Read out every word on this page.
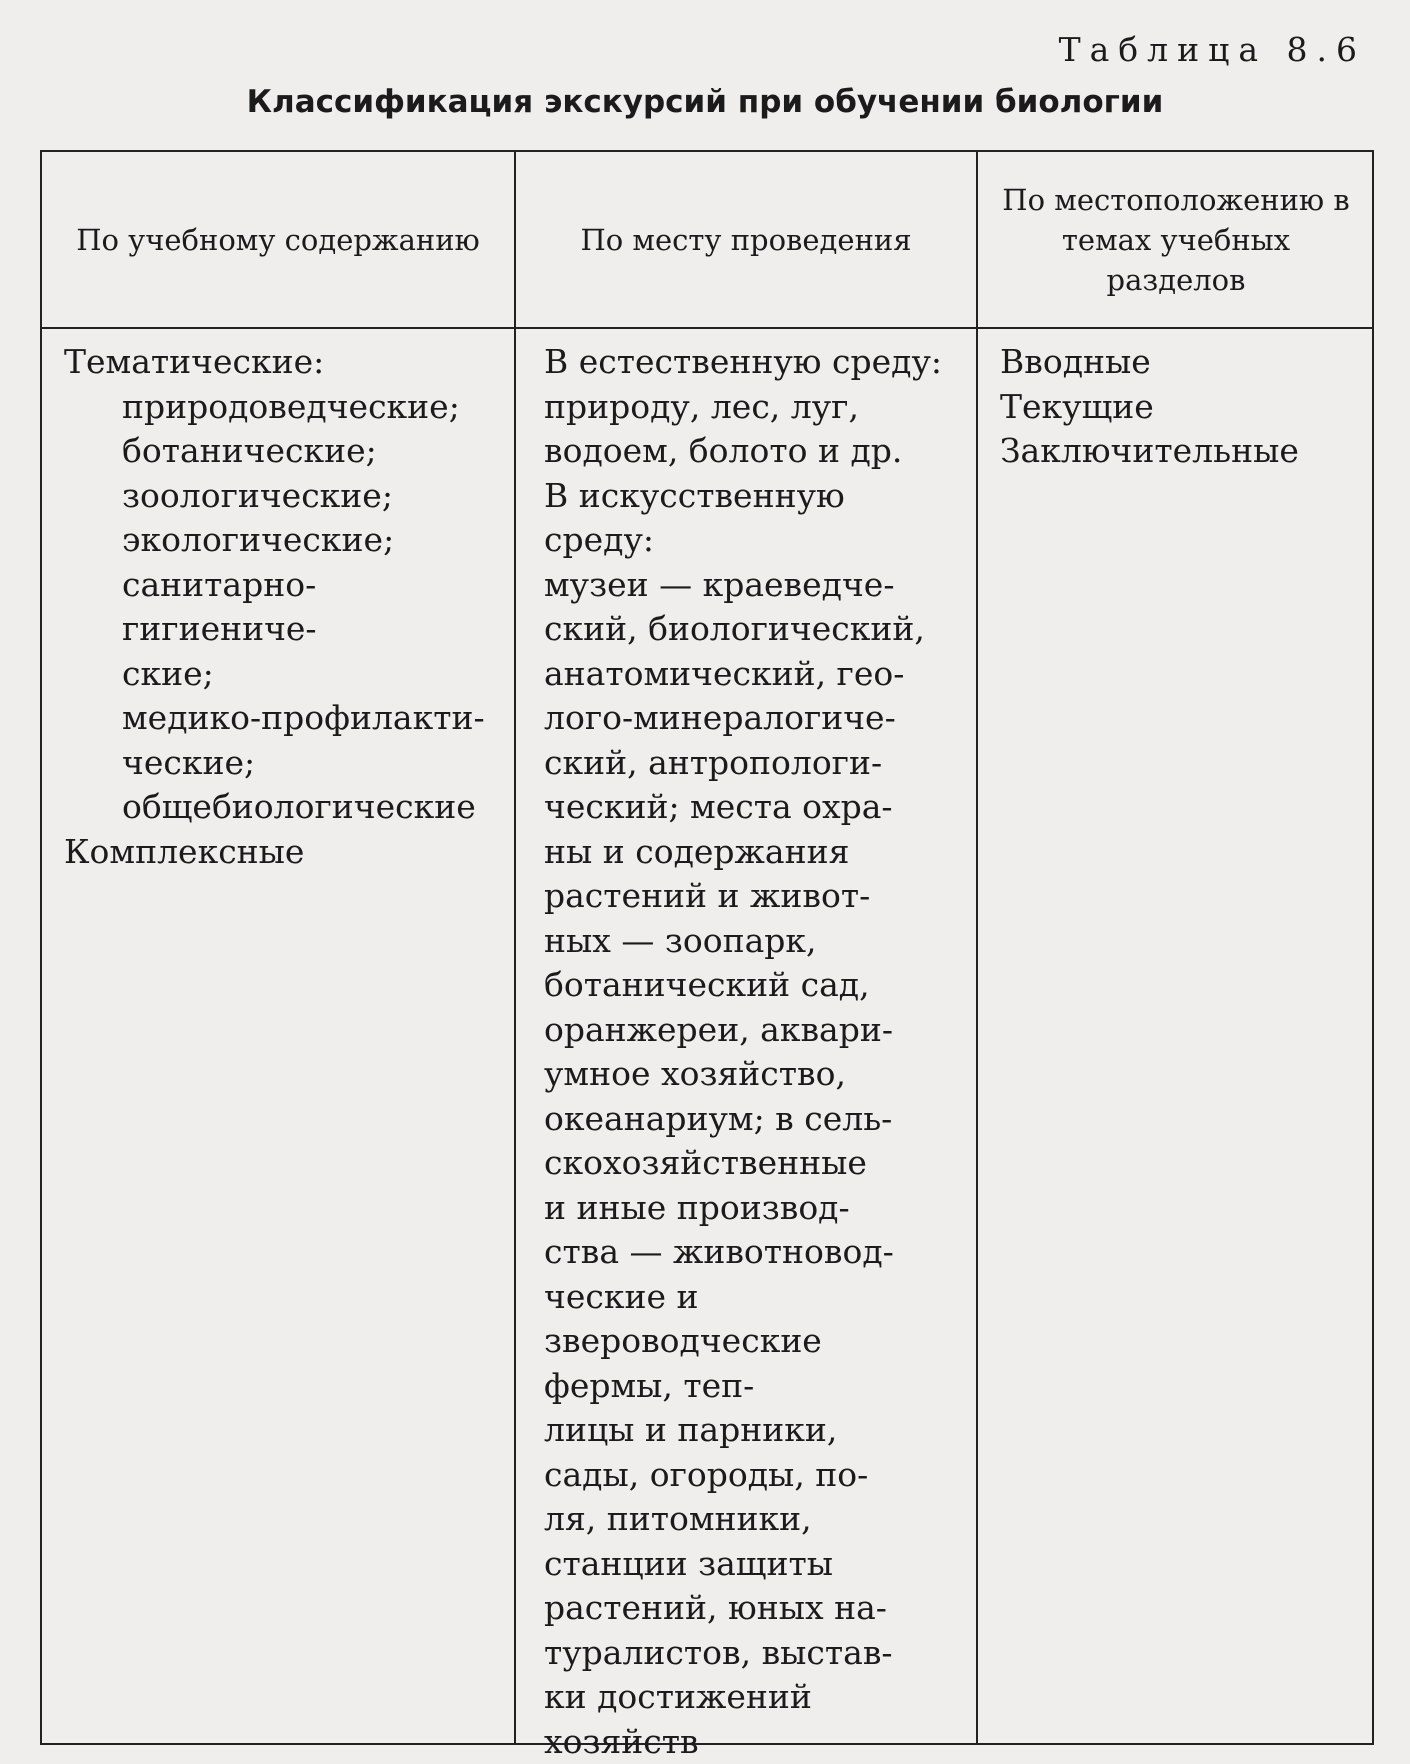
Таблица 8.6
Классификация экскурсий при обучении биологии
По учебному содержанию	По месту проведения
По местоположению в темах учебных разделов
Тематические:
природоведческие;
ботанические;
зоологические;
экологические;
санитарно-гигиениче-
ские;
медико-профилакти-
ческие;
общебиологические
Комплексные
В естественную среду:
природу, лес, луг,
водоем, болото и др.
В искусственную
среду:
музеи — краеведче-
ский, биологический,
анатомический, гео-
лого-минералогиче-
ский, антропологи-
ческий; места охра-
ны и содержания
растений и живот-
ных — зоопарк,
ботанический сад,
оранжереи, аквари-
умное хозяйство,
океанариум; в сель-
скохозяйственные
и иные производ-
ства — животновод-
ческие и звероводческие фермы, теп-
лицы и парники,
сады, огороды, по-
ля, питомники,
станции защиты
растений, юных на-
туралистов, выстав-
ки достижений
хозяйств
Вводные
Текущие
Заключительные
